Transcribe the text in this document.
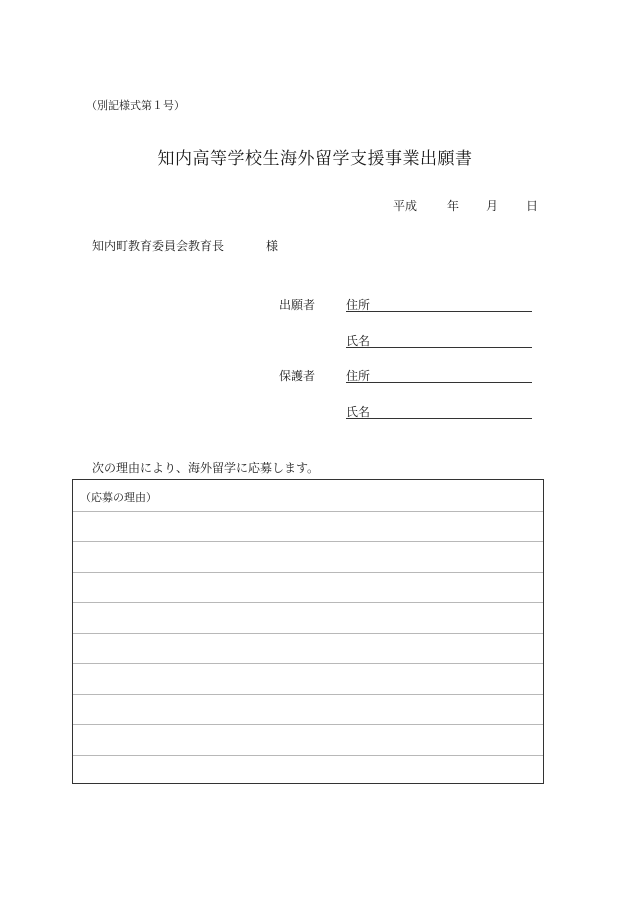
（別記様式第１号）
知内高等学校生海外留学支援事業出願書
平成 年 月 日
知内町教育委員会教育長	様
出願者	住所
氏名
保護者	住所
氏名
次の理由により、海外留学に応募します。
（応募の理由）
